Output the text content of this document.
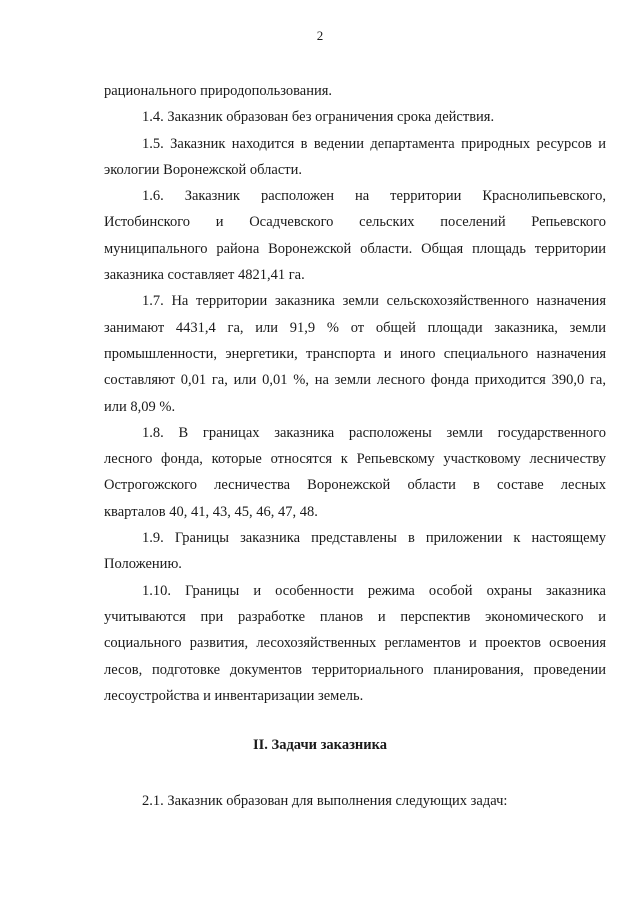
2
рационального природопользования.
1.4. Заказник образован без ограничения срока действия.
1.5. Заказник находится в ведении департамента природных ресурсов и
экологии Воронежской области.
1.6. Заказник расположен на территории Краснолипьевского,
Истобинского и Осадчевского сельских поселений Репьевского
муниципального района Воронежской области. Общая площадь территории
заказника составляет 4821,41 га.
1.7. На территории заказника земли сельскохозяйственного назначения
занимают 4431,4 га, или 91,9 % от общей площади заказника, земли
промышленности, энергетики, транспорта и иного специального назначения
составляют 0,01 га, или 0,01 %, на земли лесного фонда приходится 390,0 га,
или 8,09 %.
1.8. В границах заказника расположены земли государственного
лесного фонда, которые относятся к Репьевскому участковому лесничеству
Острогожского лесничества Воронежской области в составе лесных
кварталов 40, 41, 43, 45, 46, 47, 48.
1.9. Границы заказника представлены в приложении к настоящему
Положению.
1.10. Границы и особенности режима особой охраны заказника
учитываются при разработке планов и перспектив экономического и
социального развития, лесохозяйственных регламентов и проектов освоения
лесов, подготовке документов территориального планирования, проведении
лесоустройства и инвентаризации земель.
II. Задачи заказника
2.1. Заказник образован для выполнения следующих задач:
